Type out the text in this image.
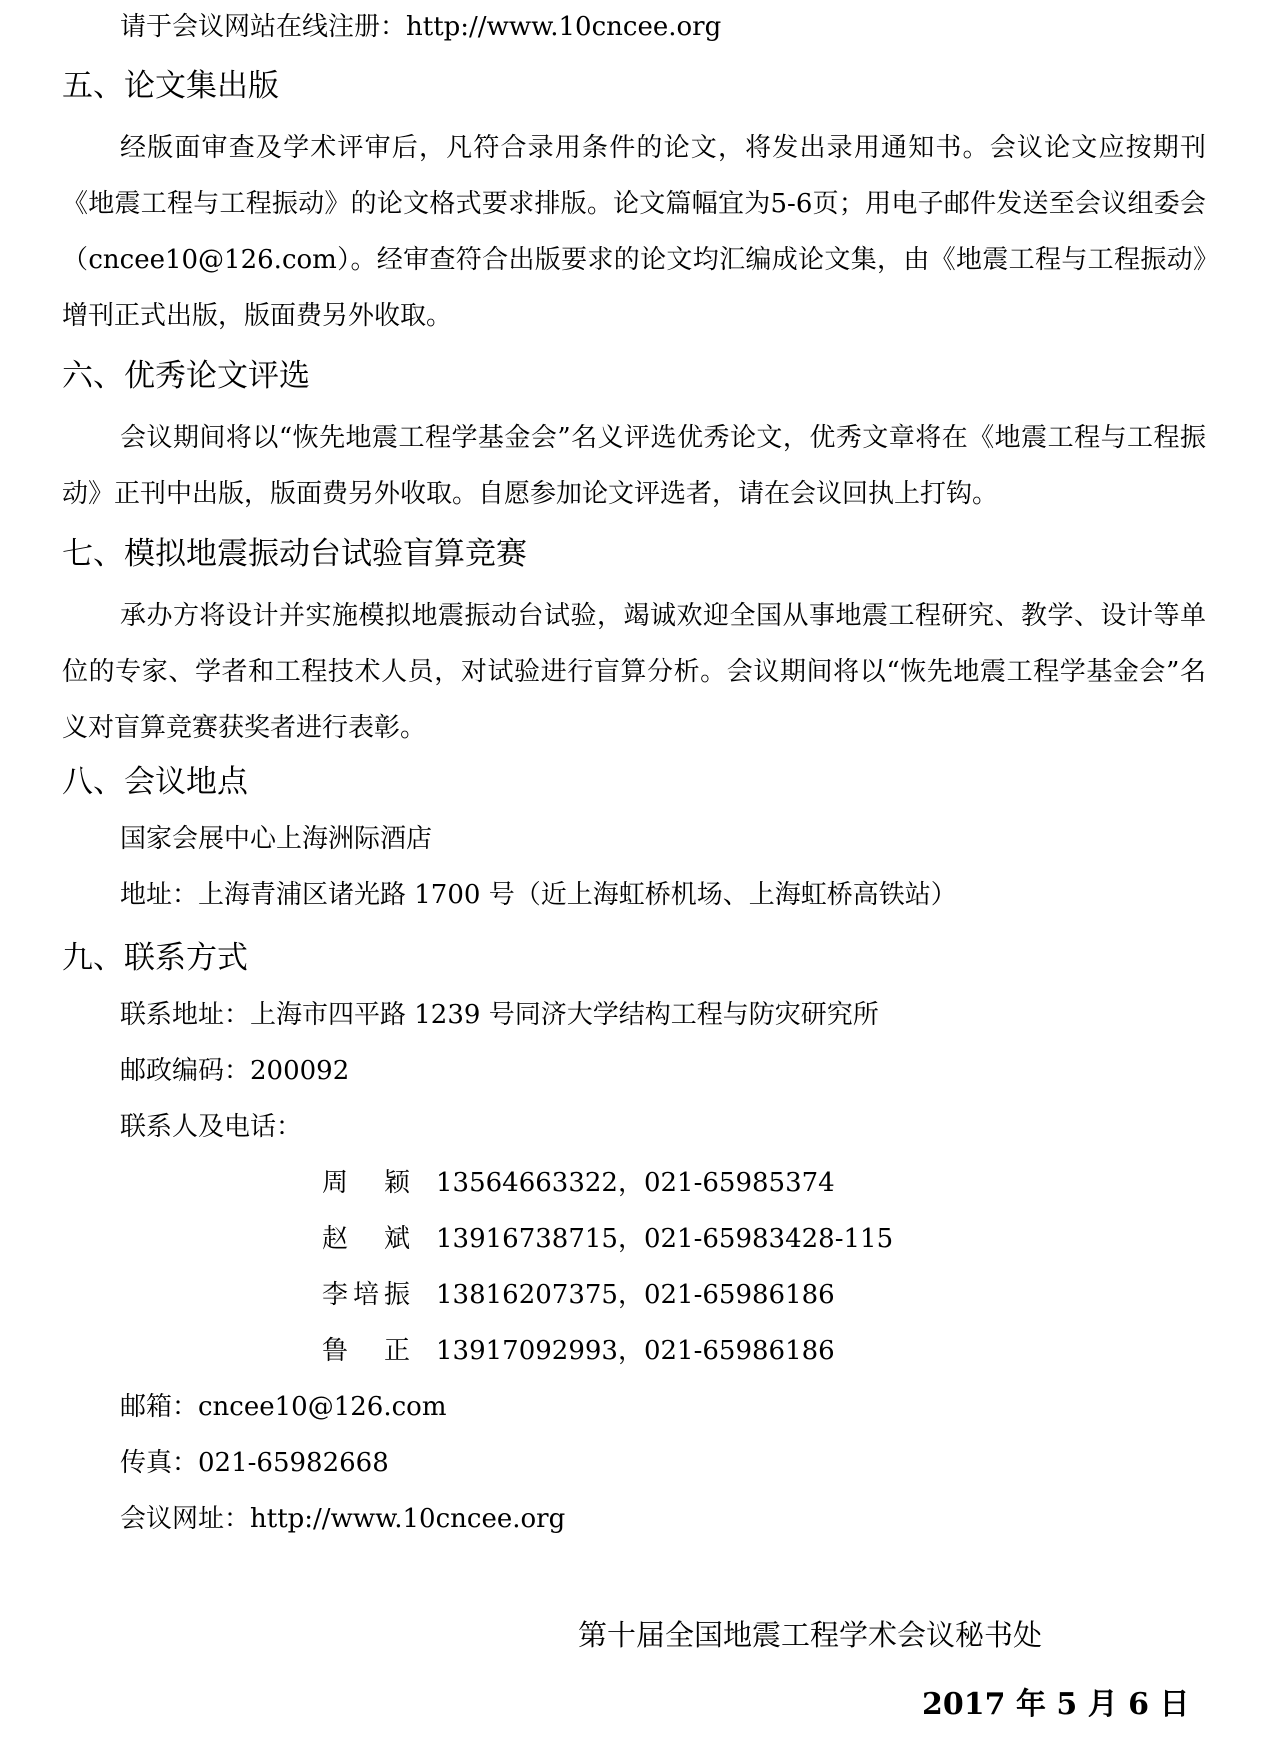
请于会议网站在线注册：http://www.10cncee.org
五、论文集出版
经版面审查及学术评审后，凡符合录用条件的论文，将发出录用通知书。会议论文应按期刊《地震工程与工程振动》的论文格式要求排版。论文篇幅宜为5-6页；用电子邮件发送至会议组委会（cncee10@126.com）。经审查符合出版要求的论文均汇编成论文集，由《地震工程与工程振动》增刊正式出版，版面费另外收取。
六、优秀论文评选
会议期间将以“恢先地震工程学基金会”名义评选优秀论文，优秀文章将在《地震工程与工程振动》正刊中出版，版面费另外收取。自愿参加论文评选者，请在会议回执上打钩。
七、模拟地震振动台试验盲算竞赛
承办方将设计并实施模拟地震振动台试验，竭诚欢迎全国从事地震工程研究、教学、设计等单位的专家、学者和工程技术人员，对试验进行盲算分析。会议期间将以“恢先地震工程学基金会”名义对盲算竞赛获奖者进行表彰。
八、会议地点
国家会展中心上海洲际酒店
地址：上海青浦区诸光路 1700 号（近上海虹桥机场、上海虹桥高铁站）
九、联系方式
联系地址：上海市四平路 1239 号同济大学结构工程与防灾研究所
邮政编码：200092
联系人及电话：
周颖 13564663322，021-65985374
赵斌 13916738715，021-65983428-115
李培振 13816207375，021-65986186
鲁正 13917092993，021-65986186
邮箱：cncee10@126.com
传真：021-65982668
会议网址：http://www.10cncee.org
第十届全国地震工程学术会议秘书处
2017 年 5 月 6 日
